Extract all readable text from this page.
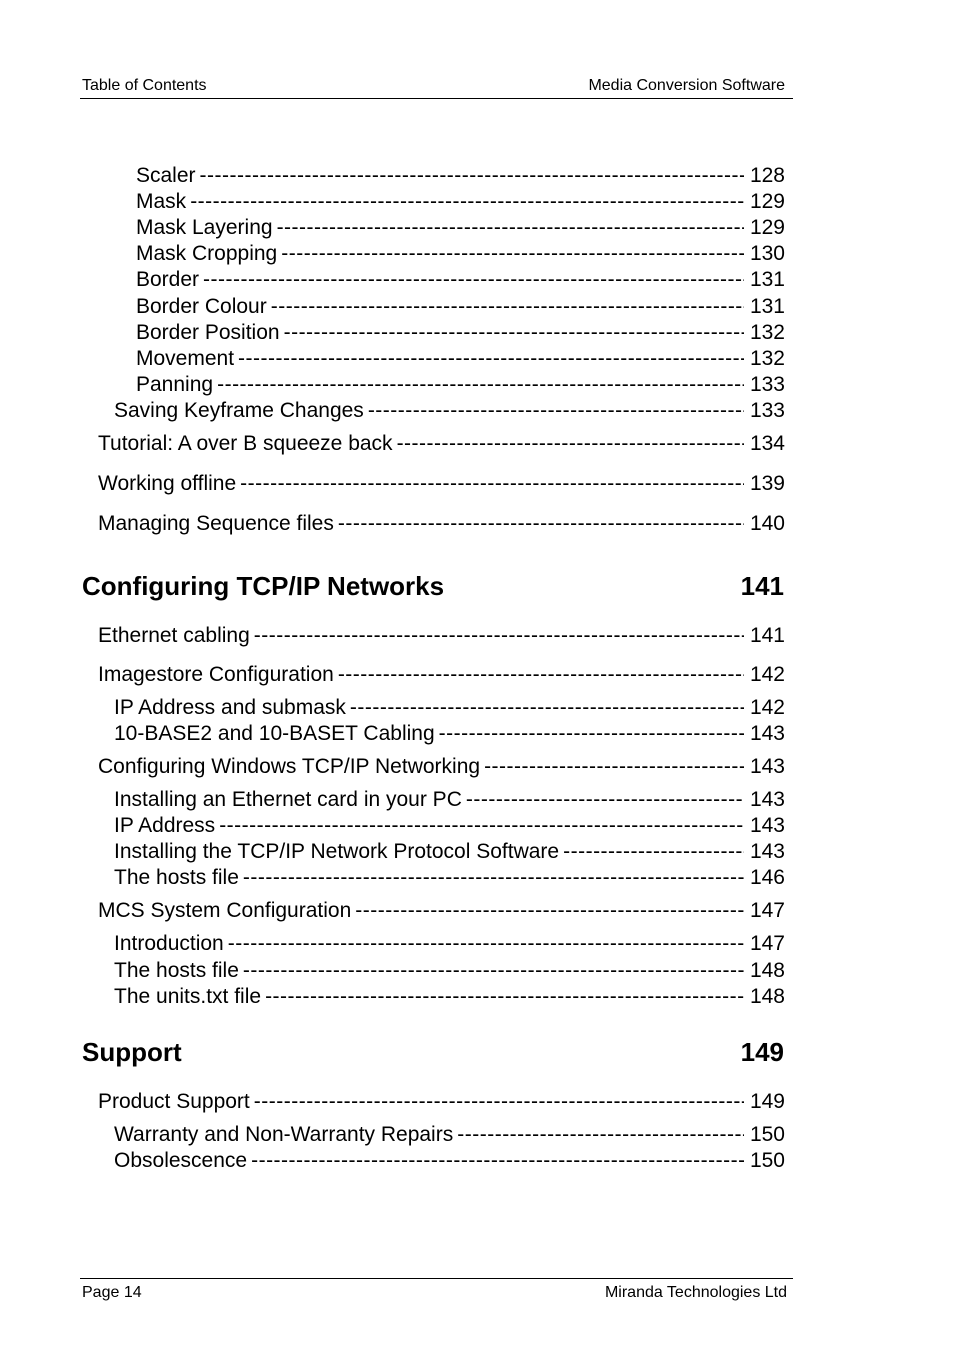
Table of Contents	Media Conversion Software
Scaler -----	128
Mask -----	129
Mask Layering -----	129
Mask Cropping -----	130
Border -----	131
Border Colour -----	131
Border Position -----	132
Movement -----	132
Panning -----	133
Saving Keyframe Changes -----	133
Tutorial: A over B squeeze back -----	134
Working offline -----	139
Managing Sequence files -----	140
Configuring TCP/IP Networks	141
Ethernet cabling -----	141
Imagestore Configuration -----	142
IP Address and submask -----	142
10-BASE2 and 10-BASET Cabling -----	143
Configuring Windows TCP/IP Networking -----	143
Installing an Ethernet card in your PC -----	143
IP Address -----	143
Installing the TCP/IP Network Protocol Software -----	143
The hosts file -----	146
MCS System Configuration -----	147
Introduction -----	147
The hosts file -----	148
The units.txt file -----	148
Support	149
Product Support -----	149
Warranty and Non-Warranty Repairs -----	150
Obsolescence -----	150
Page 14	Miranda Technologies Ltd
